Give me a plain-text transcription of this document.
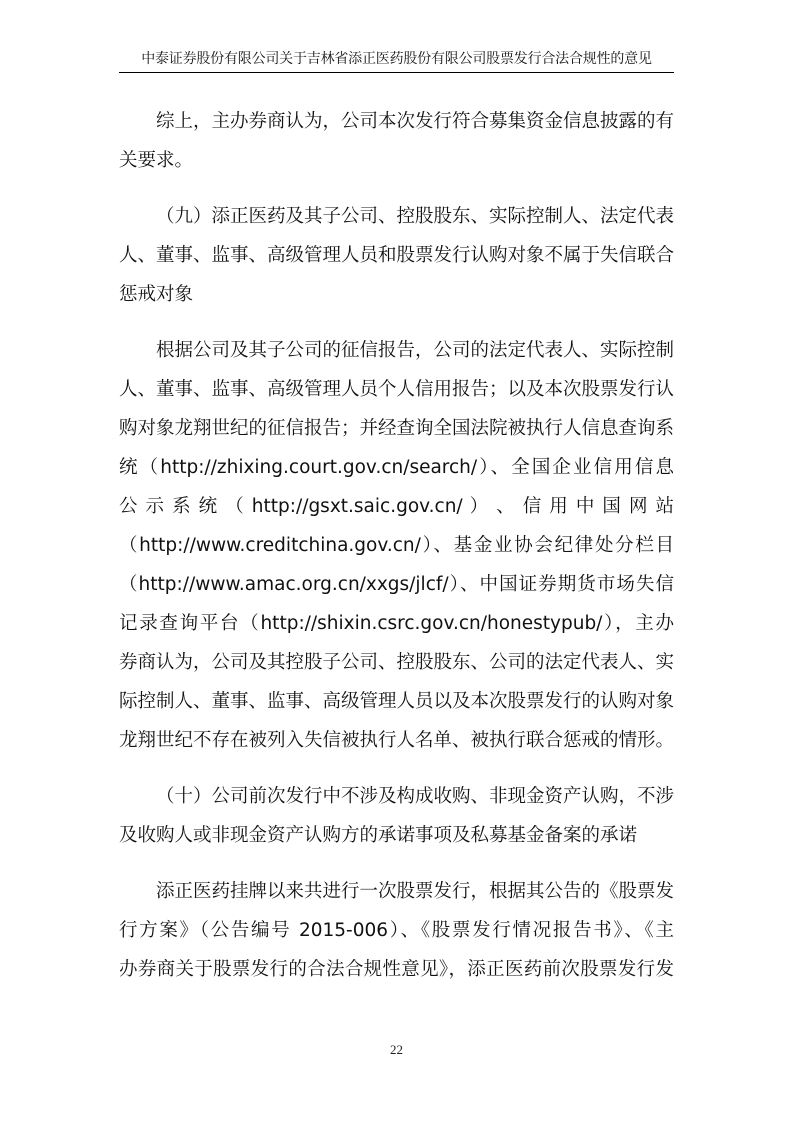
中泰证券股份有限公司关于吉林省添正医药股份有限公司股票发行合法合规性的意见
综上，主办券商认为，公司本次发行符合募集资金信息披露的有
关要求。
（九）添正医药及其子公司、控股股东、实际控制人、法定代表
人、董事、监事、高级管理人员和股票发行认购对象不属于失信联合
惩戒对象
根据公司及其子公司的征信报告，公司的法定代表人、实际控制
人、董事、监事、高级管理人员个人信用报告；以及本次股票发行认
购对象龙翔世纪的征信报告；并经查询全国法院被执行人信息查询系
统（http://zhixing.court.gov.cn/search/）、全国企业信用信息
公 示 系 统 （ http://gsxt.saic.gov.cn/ ） 、 信 用 中 国 网 站
（http://www.creditchina.gov.cn/）、基金业协会纪律处分栏目
（http://www.amac.org.cn/xxgs/jlcf/）、中国证券期货市场失信
记录查询平台（http://shixin.csrc.gov.cn/honestypub/），主办
券商认为，公司及其控股子公司、控股股东、公司的法定代表人、实
际控制人、董事、监事、高级管理人员以及本次股票发行的认购对象
龙翔世纪不存在被列入失信被执行人名单、被执行联合惩戒的情形。
（十）公司前次发行中不涉及构成收购、非现金资产认购，不涉
及收购人或非现金资产认购方的承诺事项及私募基金备案的承诺
添正医药挂牌以来共进行一次股票发行，根据其公告的《股票发
行方案》（公告编号 2015-006）、《股票发行情况报告书》、《主
办券商关于股票发行的合法合规性意见》，添正医药前次股票发行发
22
